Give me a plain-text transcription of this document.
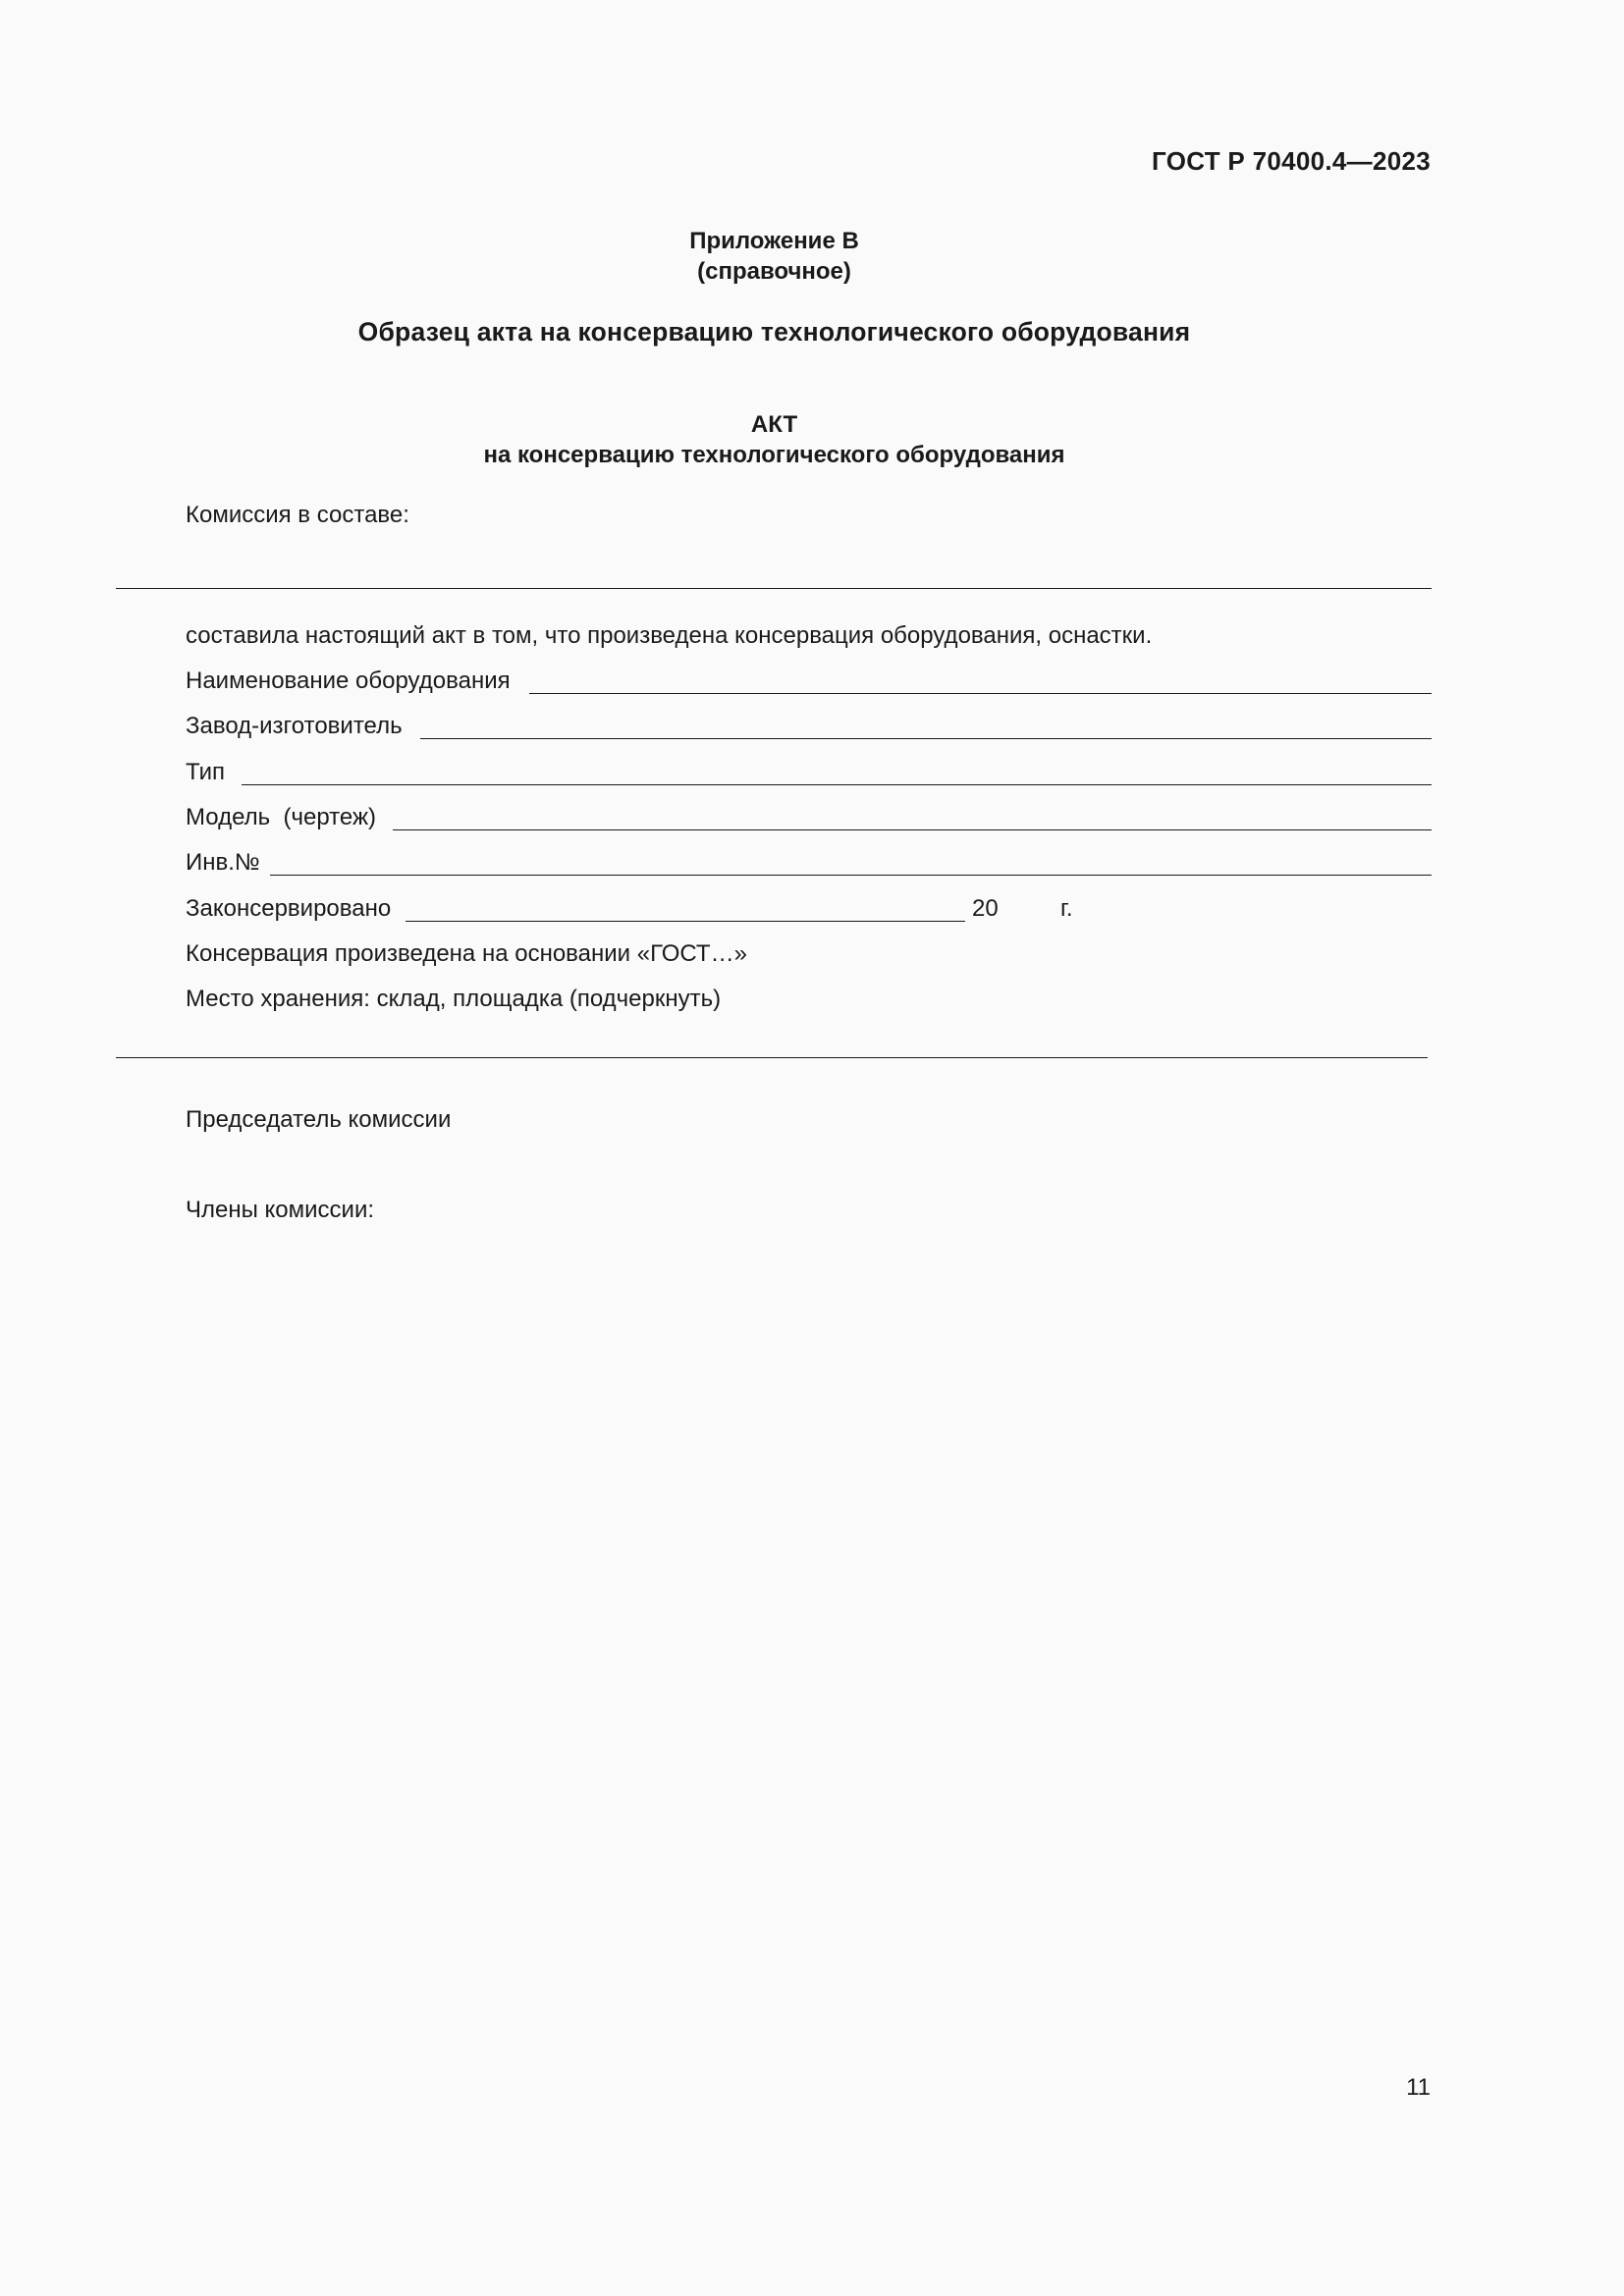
ГОСТ Р 70400.4—2023
Приложение В
(справочное)
Образец акта на консервацию технологического оборудования
АКТ
на консервацию технологического оборудования
Комиссия в составе:
составила настоящий акт в том, что произведена консервация оборудования, оснастки.
Наименование оборудования
Завод-изготовитель
Тип
Модель  (чертеж)
Инв.№
Законсервировано	20	г.
Консервация произведена на основании «ГОСТ…»
Место хранения: склад, площадка (подчеркнуть)
Председатель комиссии
Члены комиссии:
11
